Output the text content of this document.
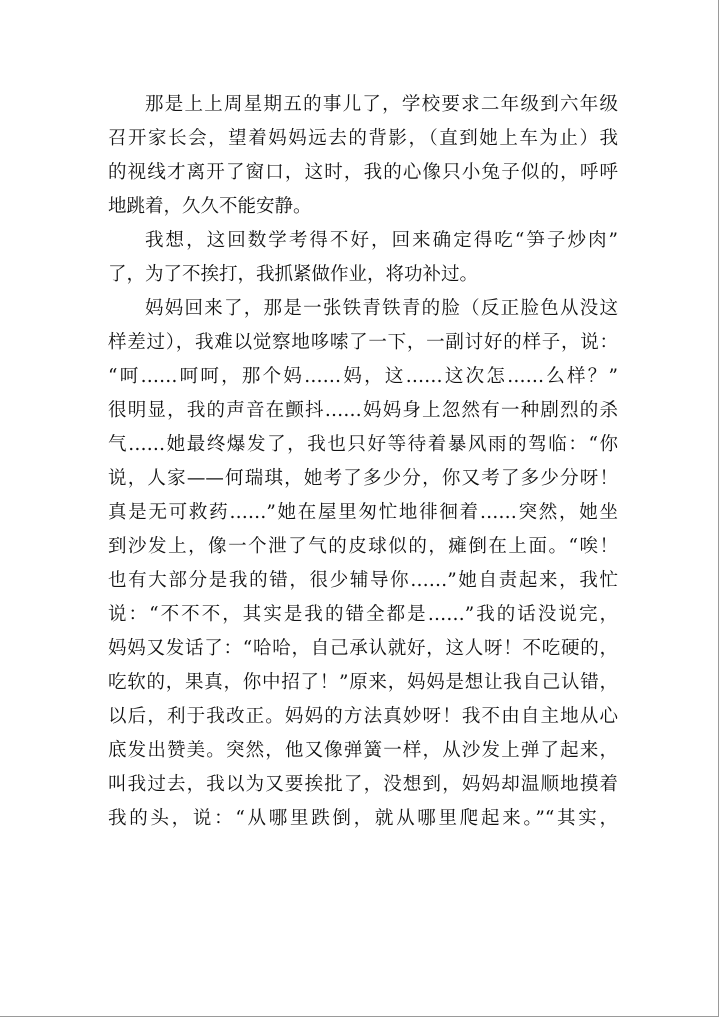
那是上上周星期五的事儿了，学校要求二年级到六年级
召开家长会，望着妈妈远去的背影，（直到她上车为止）我
的视线才离开了窗口，这时，我的心像只小兔子似的，呼呼
地跳着，久久不能安静。
我想，这回数学考得不好，回来确定得吃“笋子炒肉”
了，为了不挨打，我抓紧做作业，将功补过。
妈妈回来了，那是一张铁青铁青的脸（反正脸色从没这
样差过），我难以觉察地哆嗦了一下，一副讨好的样子，说：
“呵……呵呵，那个妈……妈，这……这次怎……么样？”
很明显，我的声音在颤抖……妈妈身上忽然有一种剧烈的杀
气……她最终爆发了，我也只好等待着暴风雨的驾临：“你
说，人家——何瑞琪，她考了多少分，你又考了多少分呀！
真是无可救药……”她在屋里匆忙地徘徊着……突然，她坐
到沙发上，像一个泄了气的皮球似的，瘫倒在上面。“唉！
也有大部分是我的错，很少辅导你……”她自责起来，我忙
说：“不不不，其实是我的错全都是……”我的话没说完，
妈妈又发话了：“哈哈，自己承认就好，这人呀！不吃硬的，
吃软的，果真，你中招了！”原来，妈妈是想让我自己认错，
以后，利于我改正。妈妈的方法真妙呀！我不由自主地从心
底发出赞美。突然，他又像弹簧一样，从沙发上弹了起来，
叫我过去，我以为又要挨批了，没想到，妈妈却温顺地摸着
我的头，说：“从哪里跌倒，就从哪里爬起来。”“其实，
